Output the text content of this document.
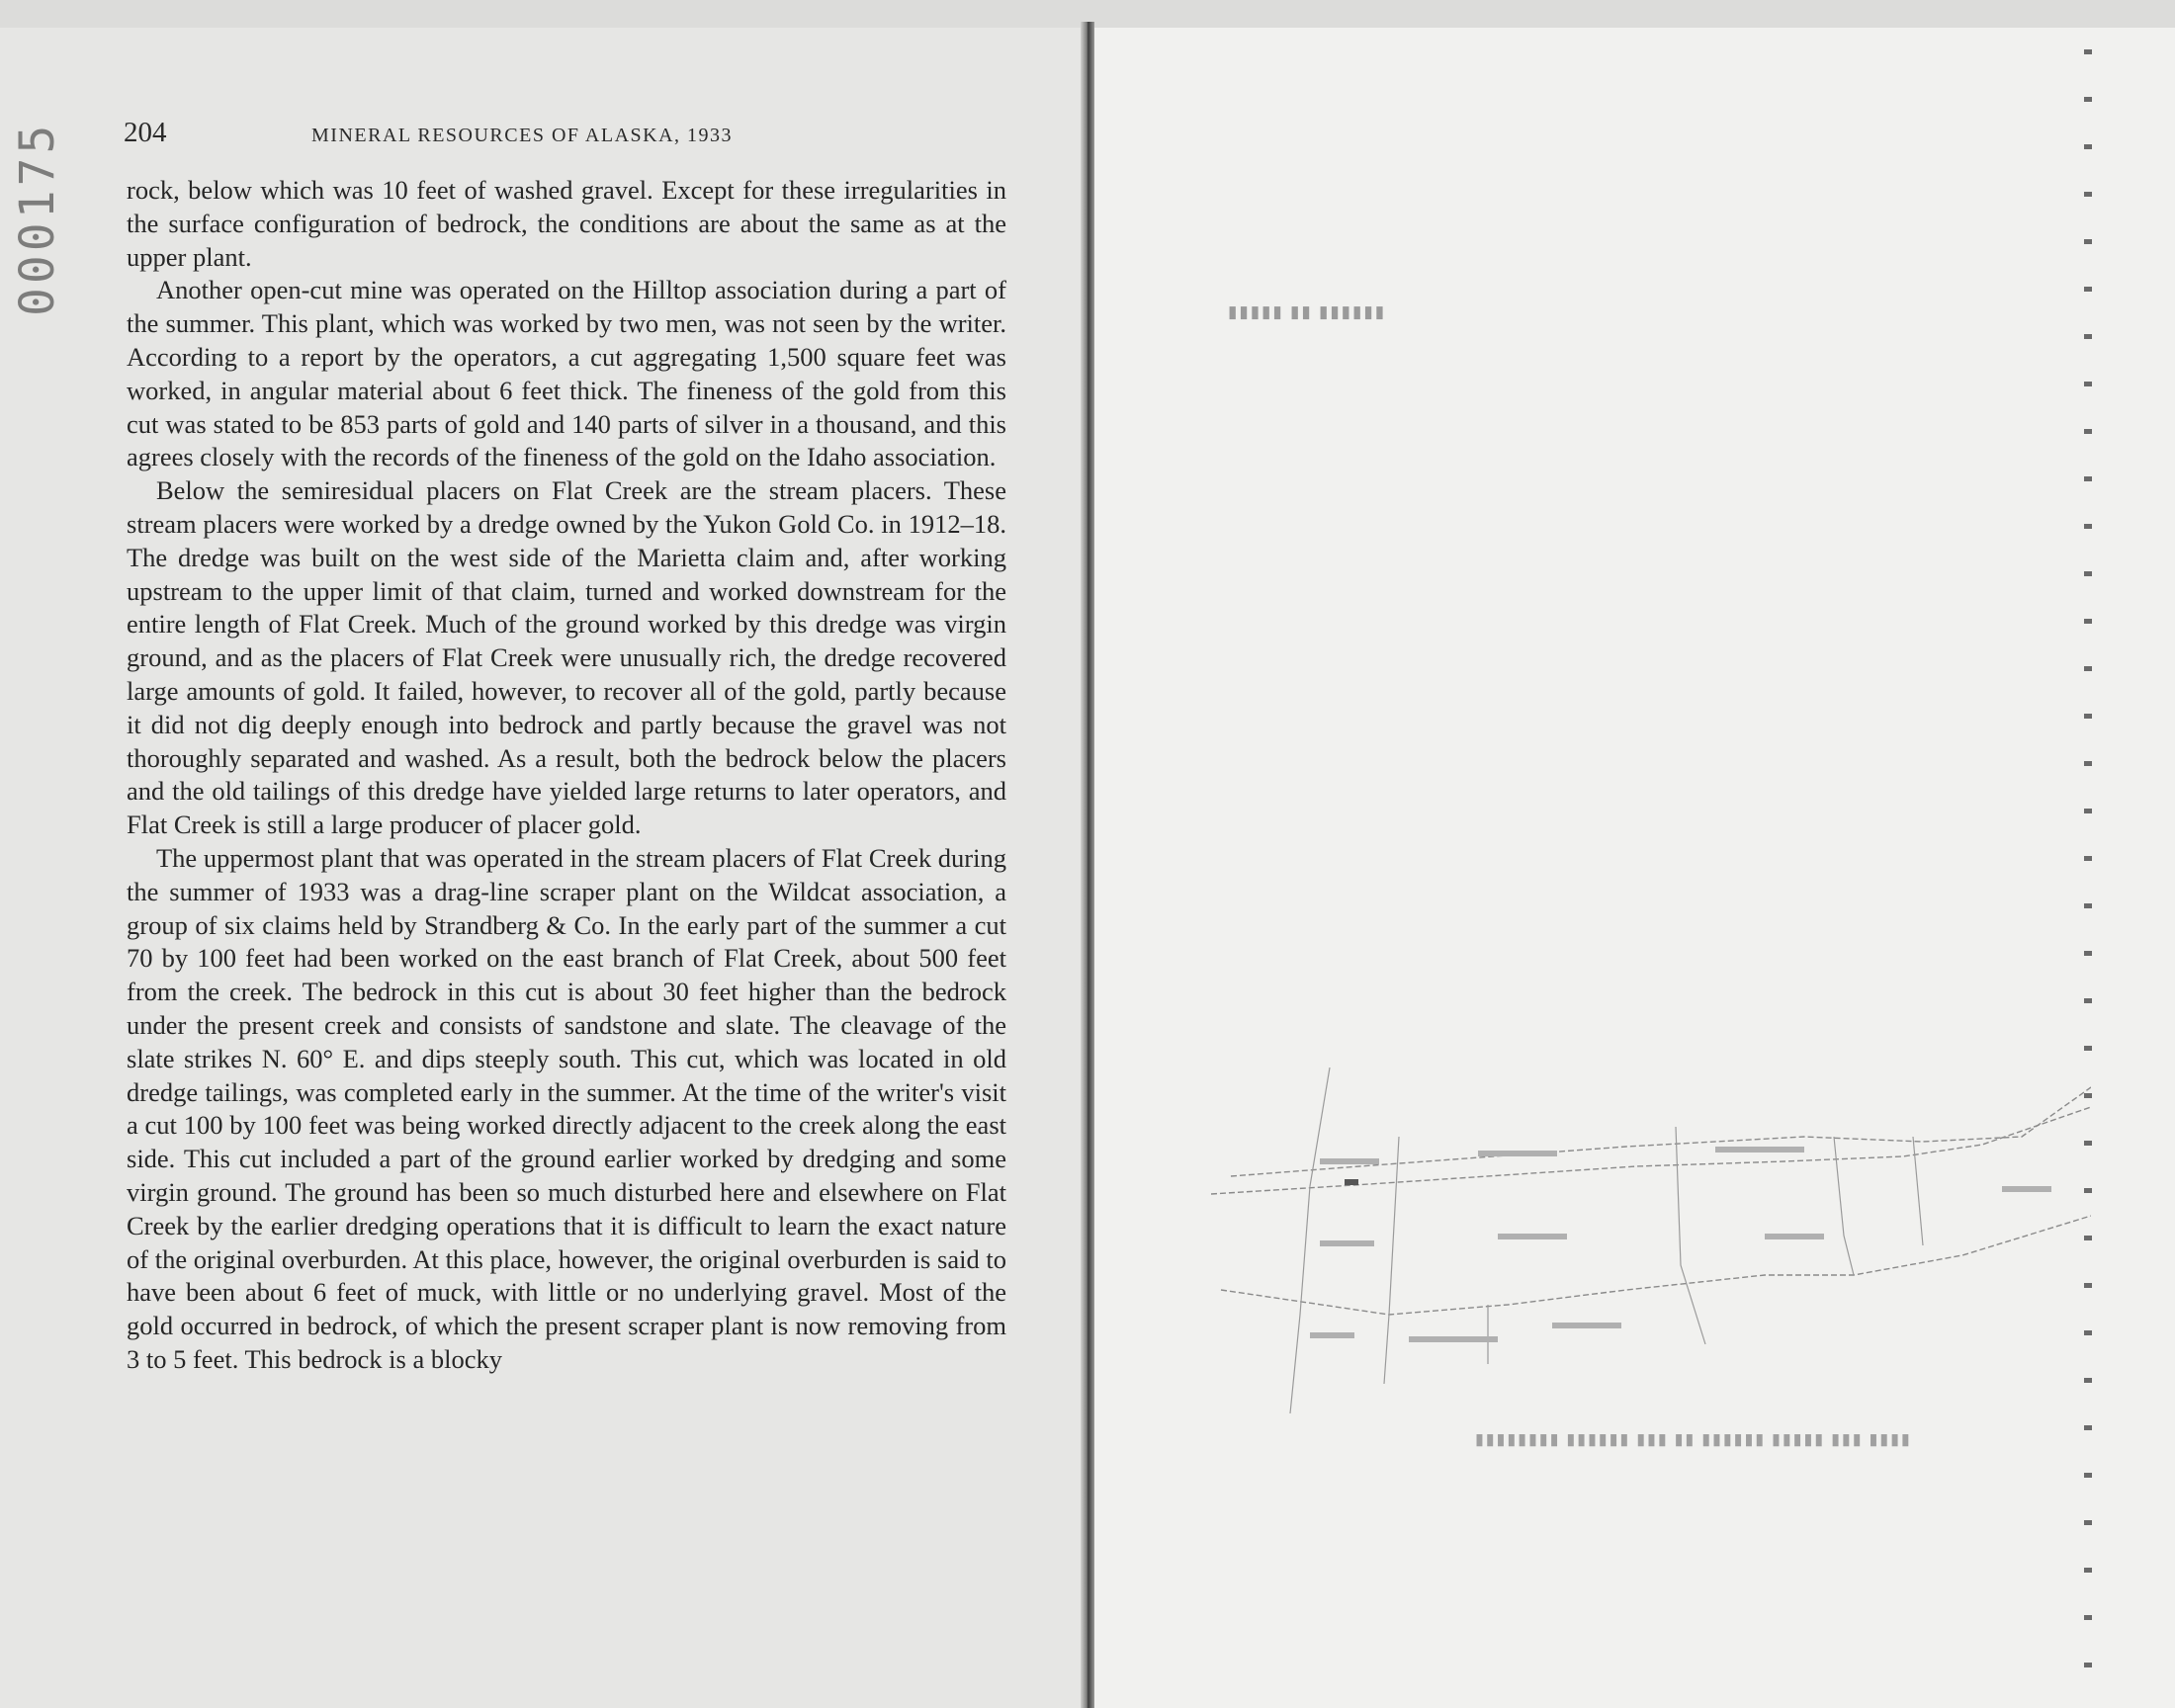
000175 204	MINERAL RESOURCES OF ALASKA, 1933

rock, below which was 10 feet of washed gravel. Except for these irregularities in the surface configuration of bedrock, the conditions are about the same as at the upper plant.

Another open-cut mine was operated on the Hilltop association during a part of the summer. This plant, which was worked by two men, was not seen by the writer. According to a report by the operators, a cut aggregating 1,500 square feet was worked, in angular material about 6 feet thick. The fineness of the gold from this cut was stated to be 853 parts of gold and 140 parts of silver in a thousand, and this agrees closely with the records of the fineness of the gold on the Idaho association.

Below the semiresidual placers on Flat Creek are the stream placers. These stream placers were worked by a dredge owned by the Yukon Gold Co. in 1912–18. The dredge was built on the west side of the Marietta claim and, after working upstream to the upper limit of that claim, turned and worked downstream for the entire length of Flat Creek. Much of the ground worked by this dredge was virgin ground, and as the placers of Flat Creek were unusually rich, the dredge recovered large amounts of gold. It failed, however, to recover all of the gold, partly because it did not dig deeply enough into bedrock and partly because the gravel was not thoroughly separated and washed. As a result, both the bedrock below the placers and the old tailings of this dredge have yielded large returns to later operators, and Flat Creek is still a large producer of placer gold.

The uppermost plant that was operated in the stream placers of Flat Creek during the summer of 1933 was a drag-line scraper plant on the Wildcat association, a group of six claims held by Strandberg & Co. In the early part of the summer a cut 70 by 100 feet had been worked on the east branch of Flat Creek, about 500 feet from the creek. The bedrock in this cut is about 30 feet higher than the bedrock under the present creek and consists of sandstone and slate. The cleavage of the slate strikes N. 60° E. and dips steeply south. This cut, which was located in old dredge tailings, was completed early in the summer. At the time of the writer's visit a cut 100 by 100 feet was being worked directly adjacent to the creek along the east side. This cut included a part of the ground earlier worked by dredging and some virgin ground. The ground has been so much disturbed here and elsewhere on Flat Creek by the earlier dredging operations that it is difficult to learn the exact nature of the original overburden. At this place, however, the original overburden is said to have been about 6 feet of muck, with little or no underlying gravel. Most of the gold occurred in bedrock, of which the present scraper plant is now removing from 3 to 5 feet. This bedrock is a blocky

▮▮▮▮▮▮ ▮▮ ▮▮▮▮▮
▮▮▮▮ ▮▮▮ ▮▮▮▮▮ ▮▮▮▮▮▮ ▮▮ ▮▮▮ ▮▮▮▮▮▮ ▮▮▮▮▮▮▮▮
